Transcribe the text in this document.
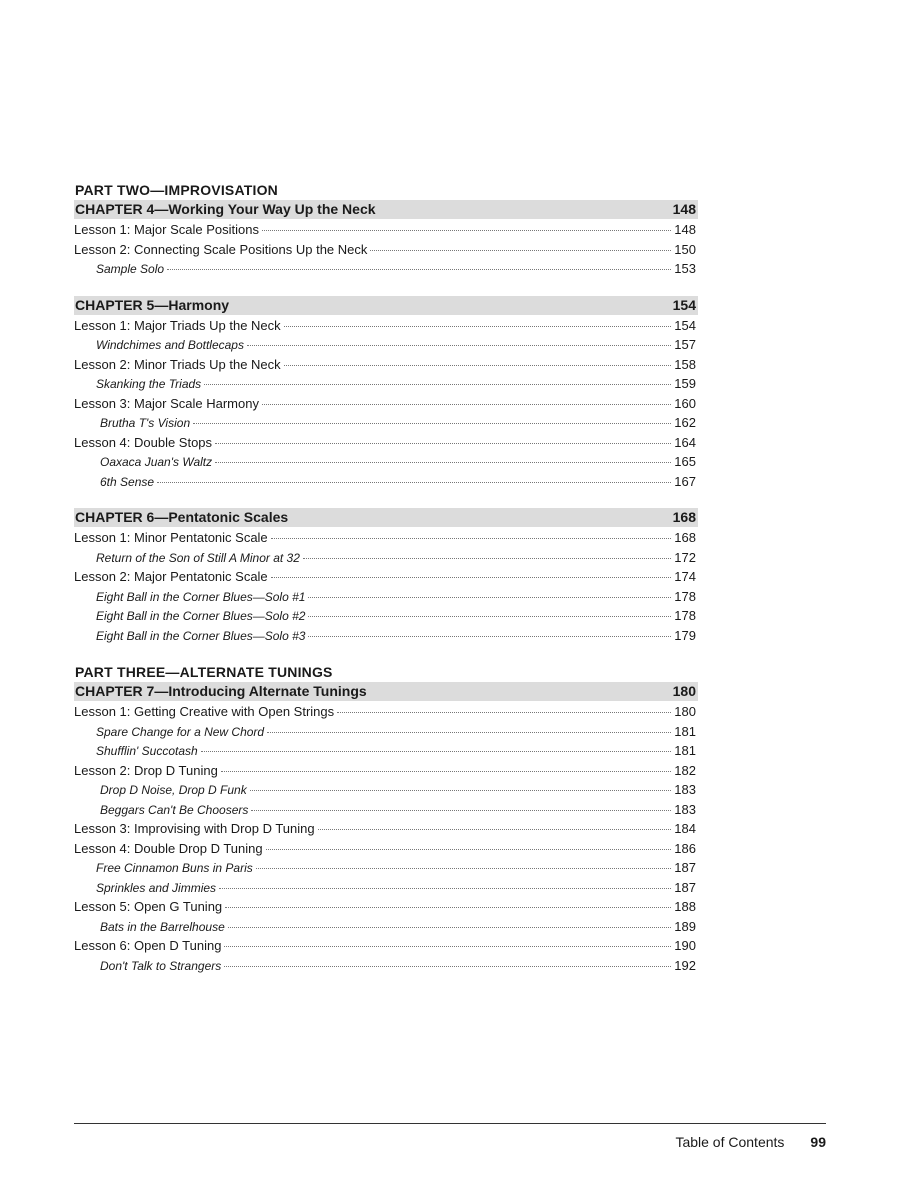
PART TWO—IMPROVISATION
CHAPTER 4—Working Your Way Up the Neck	148
Lesson 1: Major Scale Positions	148
Lesson 2: Connecting Scale Positions Up the Neck	150
Sample Solo	153
CHAPTER 5—Harmony	154
Lesson 1: Major Triads Up the Neck	154
Windchimes and Bottlecaps	157
Lesson 2: Minor Triads Up the Neck	158
Skanking the Triads	159
Lesson 3: Major Scale Harmony	160
Brutha T's Vision	162
Lesson 4: Double Stops	164
Oaxaca Juan's Waltz	165
6th Sense	167
CHAPTER 6—Pentatonic Scales	168
Lesson 1: Minor Pentatonic Scale	168
Return of the Son of Still A Minor at 32	172
Lesson 2: Major Pentatonic Scale	174
Eight Ball in the Corner Blues—Solo #1	178
Eight Ball in the Corner Blues—Solo #2	178
Eight Ball in the Corner Blues—Solo #3	179
PART THREE—ALTERNATE TUNINGS
CHAPTER 7—Introducing Alternate Tunings	180
Lesson 1: Getting Creative with Open Strings	180
Spare Change for a New Chord	181
Shufflin' Succotash	181
Lesson 2: Drop D Tuning	182
Drop D Noise, Drop D Funk	183
Beggars Can't Be Choosers	183
Lesson 3: Improvising with Drop D Tuning	184
Lesson 4: Double Drop D Tuning	186
Free Cinnamon Buns in Paris	187
Sprinkles and Jimmies	187
Lesson 5: Open G Tuning	188
Bats in the Barrelhouse	189
Lesson 6: Open D Tuning	190
Don't Talk to Strangers	192
Table of Contents 99
